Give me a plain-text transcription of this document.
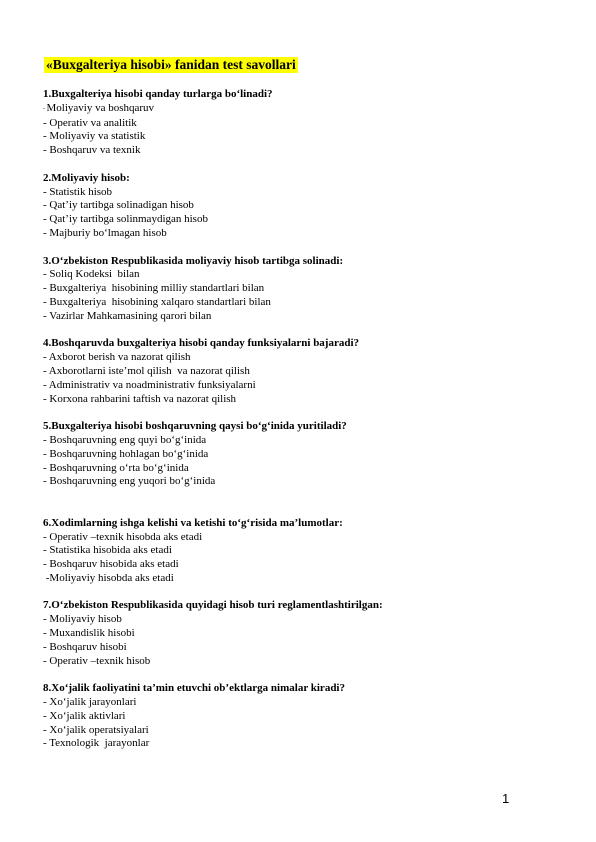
«Buxgalteriya hisobi» fanidan test savollari
1.Buxgalteriya hisobi qanday turlarga bo‘linadi?
- Moliyaviy va boshqaruv
- Operativ va analitik
- Moliyaviy va statistik
- Boshqaruv va texnik
2.Moliyaviy hisob:
- Statistik hisob
- Qat’iy tartibga solinadigan hisob
- Qat’iy tartibga solinmaydigan hisob
- Majburiy bo‘lmagan hisob
3.O‘zbekiston Respublikasida moliyaviy hisob tartibga solinadi:
- Soliq Kodeksi  bilan
- Buxgalteriya  hisobining milliy standartlari bilan
- Buxgalteriya  hisobining xalqaro standartlari bilan
- Vazirlar Mahkamasining qarori bilan
4.Boshqaruvda buxgalteriya hisobi qanday funksiyalarni bajaradi?
- Axborot berish va nazorat qilish
- Axborotlarni iste’mol qilish  va nazorat qilish
- Administrativ va noadministrativ funksiyalarni
- Korxona rahbarini taftish va nazorat qilish
5.Buxgalteriya hisobi boshqaruvning qaysi bo‘g‘inida yuritiladi?
- Boshqaruvning eng quyi bo‘g‘inida
- Boshqaruvning hohlagan bo‘g‘inida
- Boshqaruvning o‘rta bo‘g‘inida
- Boshqaruvning eng yuqori bo‘g‘inida
6.Xodimlarning ishga kelishi va ketishi to‘g‘risida ma’lumotlar:
- Operativ –texnik hisobda aks etadi
- Statistika hisobida aks etadi
- Boshqaruv hisobida aks etadi
-Moliyaviy hisobda aks etadi
7.O‘zbekiston Respublikasida quyidagi hisob turi reglamentlashtirilgan:
- Moliyaviy hisob
- Muxandislik hisobi
- Boshqaruv hisobi
- Operativ –texnik hisob
8.Xo‘jalik faoliyatini ta’min etuvchi ob’ektlarga nimalar kiradi?
- Xo‘jalik jarayonlari
- Xo‘jalik aktivlari
- Xo‘jalik operatsiyalari
- Texnologik  jarayonlar
1
